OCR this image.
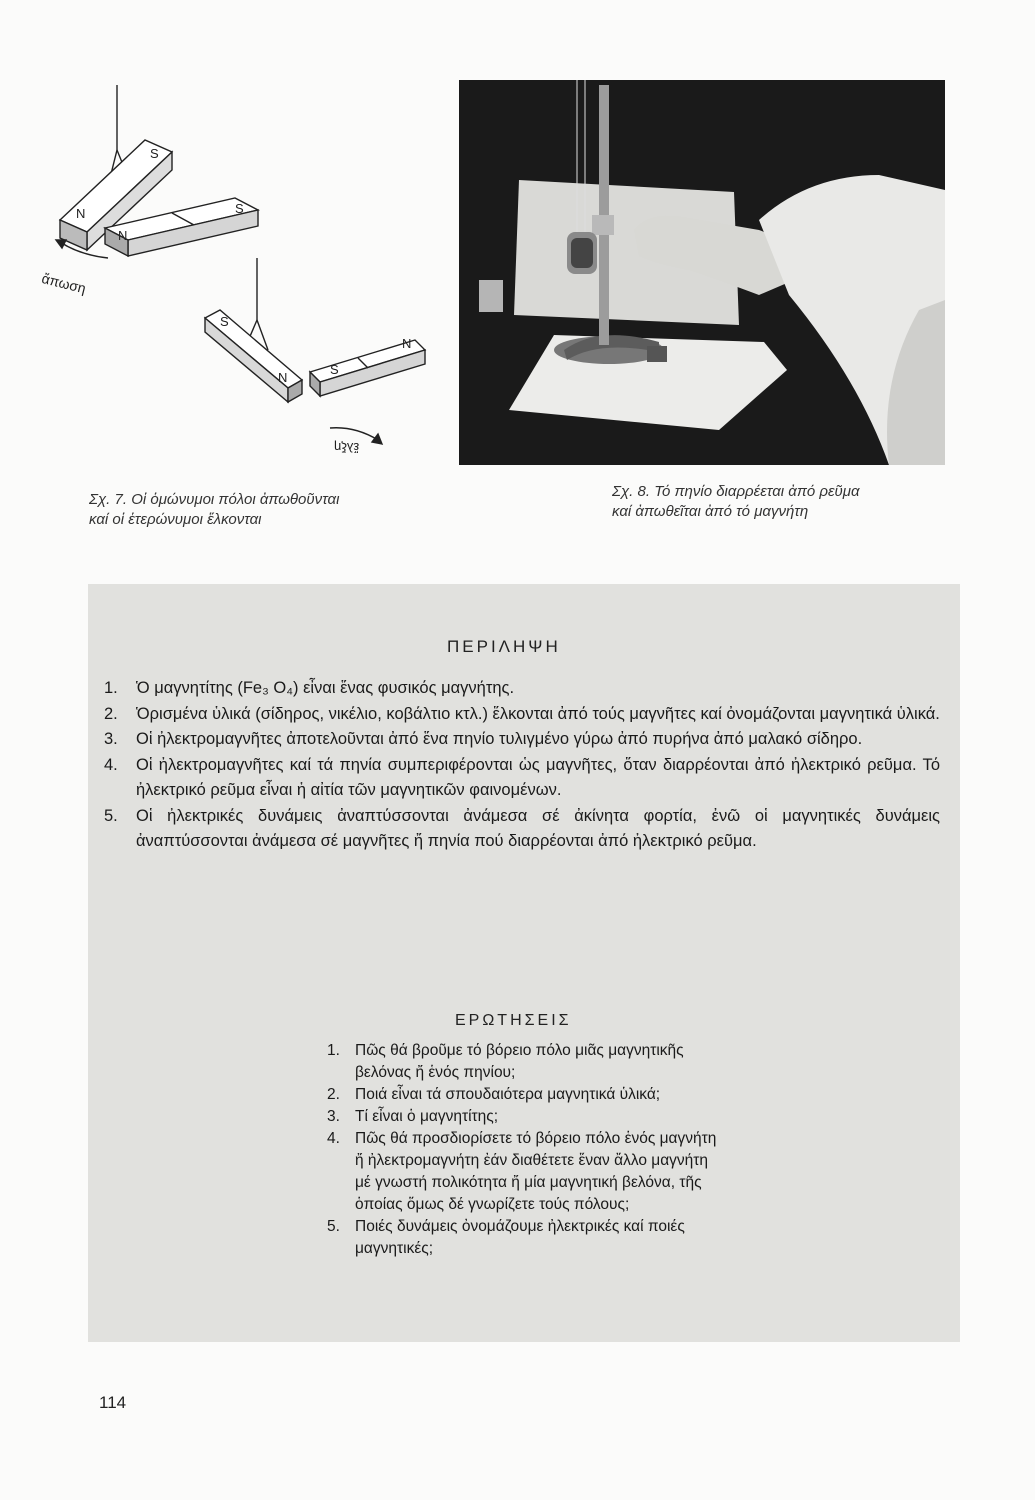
S
N
N
S
S
N
S
N
ἄπωση
ἕλξη
Σχ. 7. Οἱ ὁμώνυμοι πόλοι ἀπωθοῦνται
καί οἱ ἑτερώνυμοι ἕλκονται
Σχ. 8. Τό πηνίο διαρρέεται ἀπό ρεῦμα
καί ἀπωθεῖται ἀπό τό μαγνήτη
ΠΕΡΙΛΗΨΗ
1. Ὁ μαγνητίτης (Fe₃ O₄) εἶναι ἕνας φυσικός μαγνήτης.
2. Ὁρισμένα ὑλικά (σίδηρος, νικέλιο, κοβάλτιο κτλ.) ἕλκονται ἀπό τούς μαγνῆτες καί ὀνομάζονται μαγνητικά ὑλικά.
3. Οἱ ἠλεκτρομαγνῆτες ἀποτελοῦνται ἀπό ἕνα πηνίο τυλιγμένο γύρω ἀπό πυρήνα ἀπό μαλακό σίδηρο.
4. Οἱ ἠλεκτρομαγνῆτες καί τά πηνία συμπεριφέρονται ὡς μαγνῆτες, ὅταν διαρρέονται ἀπό ἠλεκτρικό ρεῦμα. Τό ἠλεκτρικό ρεῦμα εἶναι ἡ αἰτία τῶν μαγνητικῶν φαινομένων.
5. Οἱ ἠλεκτρικές δυνάμεις ἀναπτύσσονται ἀνάμεσα σέ ἀκίνητα φορτία, ἐνῶ οἱ μαγνητικές δυνάμεις ἀναπτύσσονται ἀνάμεσα σέ μαγνῆτες ἤ πηνία πού διαρρέονται ἀπό ἠλεκτρικό ρεῦμα.
ΕΡΩΤΗΣΕΙΣ
1. Πῶς θά βροῦμε τό βόρειο πόλο μιᾶς μαγνητικῆς βελόνας ἤ ἑνός πηνίου;
2. Ποιά εἶναι τά σπουδαιότερα μαγνητικά ὑλικά;
3. Τί εἶναι ὁ μαγνητίτης;
4. Πῶς θά προσδιορίσετε τό βόρειο πόλο ἑνός μαγνήτη ἤ ἠλεκτρομαγνήτη ἐάν διαθέτετε ἕναν ἄλλο μαγνήτη μέ γνωστή πολικότητα ἤ μία μαγνητική βελόνα, τῆς ὁποίας ὅμως δέ γνωρίζετε τούς πόλους;
5. Ποιές δυνάμεις ὀνομάζουμε ἠλεκτρικές καί ποιές μαγνητικές;
114
